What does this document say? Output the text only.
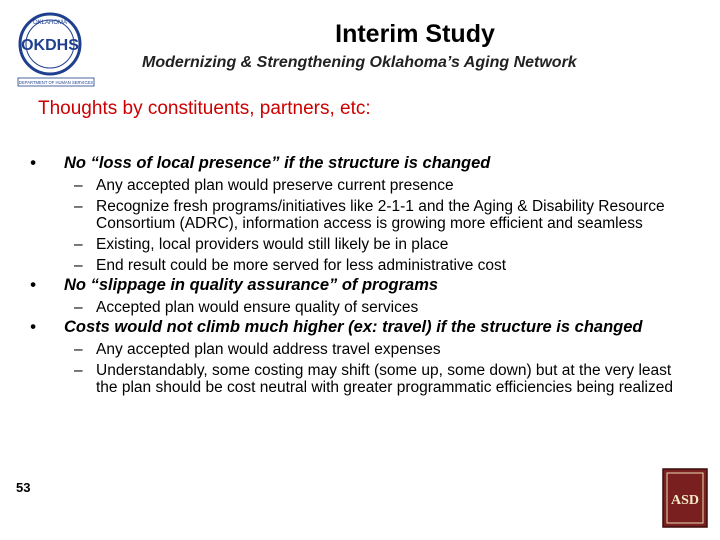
OKLAHOMA
OKDHS
DEPARTMENT OF HUMAN SERVICES
Interim Study
Modernizing & Strengthening Oklahoma’s Aging Network
Thoughts by constituents, partners, etc:
• No “loss of local presence” if the structure is changed
– Any accepted plan would preserve current presence
– Recognize fresh programs/initiatives like 2-1-1 and the Aging & Disability Resource Consortium (ADRC), information access is growing more efficient and seamless
– Existing, local providers would still likely be in place
– End result could be more served for less administrative cost
• No “slippage in quality assurance” of programs
– Accepted plan would ensure quality of services
• Costs would not climb much higher (ex: travel) if the structure is changed
– Any accepted plan would address travel expenses
– Understandably, some costing may shift (some up, some down) but at the very least the plan should be cost neutral with greater programmatic efficiencies being realized
53
ASD
